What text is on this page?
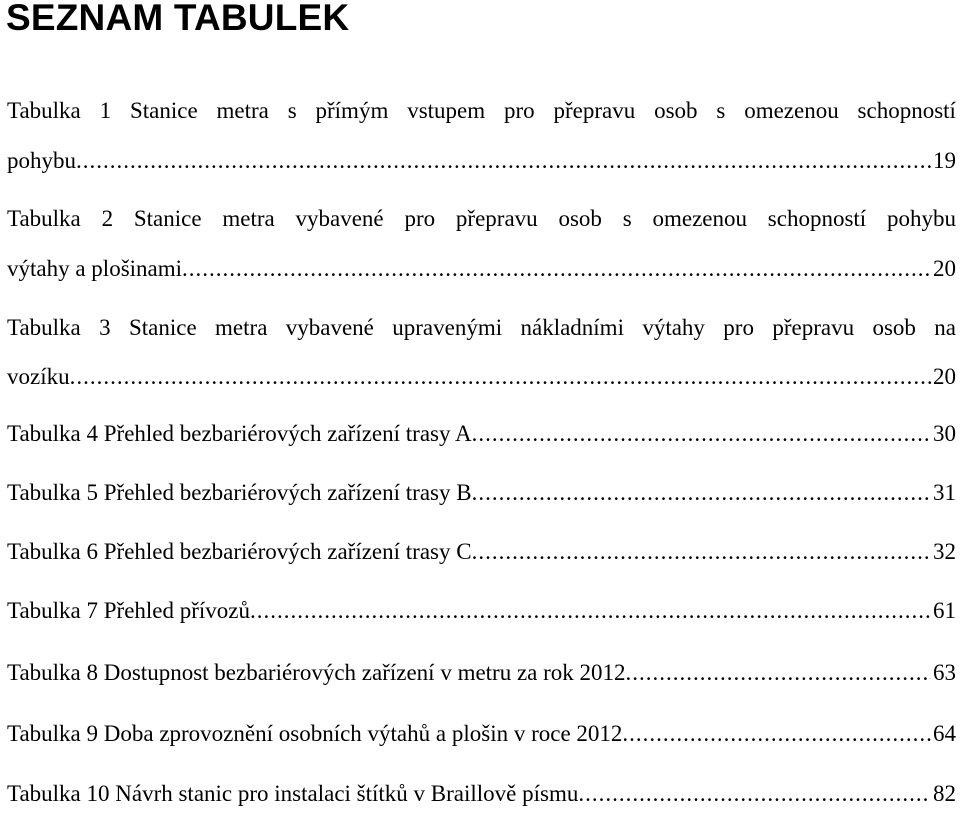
SEZNAM TABULEK
Tabulka 1 Stanice metra s přímým vstupem pro přepravu osob s omezenou schopností
pohybu .....	19
Tabulka 2 Stanice metra vybavené pro přepravu osob s omezenou schopností pohybu
výtahy a plošinami .....	20
Tabulka 3 Stanice metra vybavené upravenými nákladními výtahy pro přepravu osob na
vozíku .....	20
Tabulka 4 Přehled bezbariérových zařízení trasy A .....	30
Tabulka 5 Přehled bezbariérových zařízení trasy B .....	31
Tabulka 6 Přehled bezbariérových zařízení trasy C .....	32
Tabulka 7 Přehled přívozů .....	61
Tabulka 8 Dostupnost bezbariérových zařízení v metru za rok 2012 .....	63
Tabulka 9 Doba zprovoznění osobních výtahů a plošin v roce 2012 .....	64
Tabulka 10 Návrh stanic pro instalaci štítků v Braillově písmu .....	82
